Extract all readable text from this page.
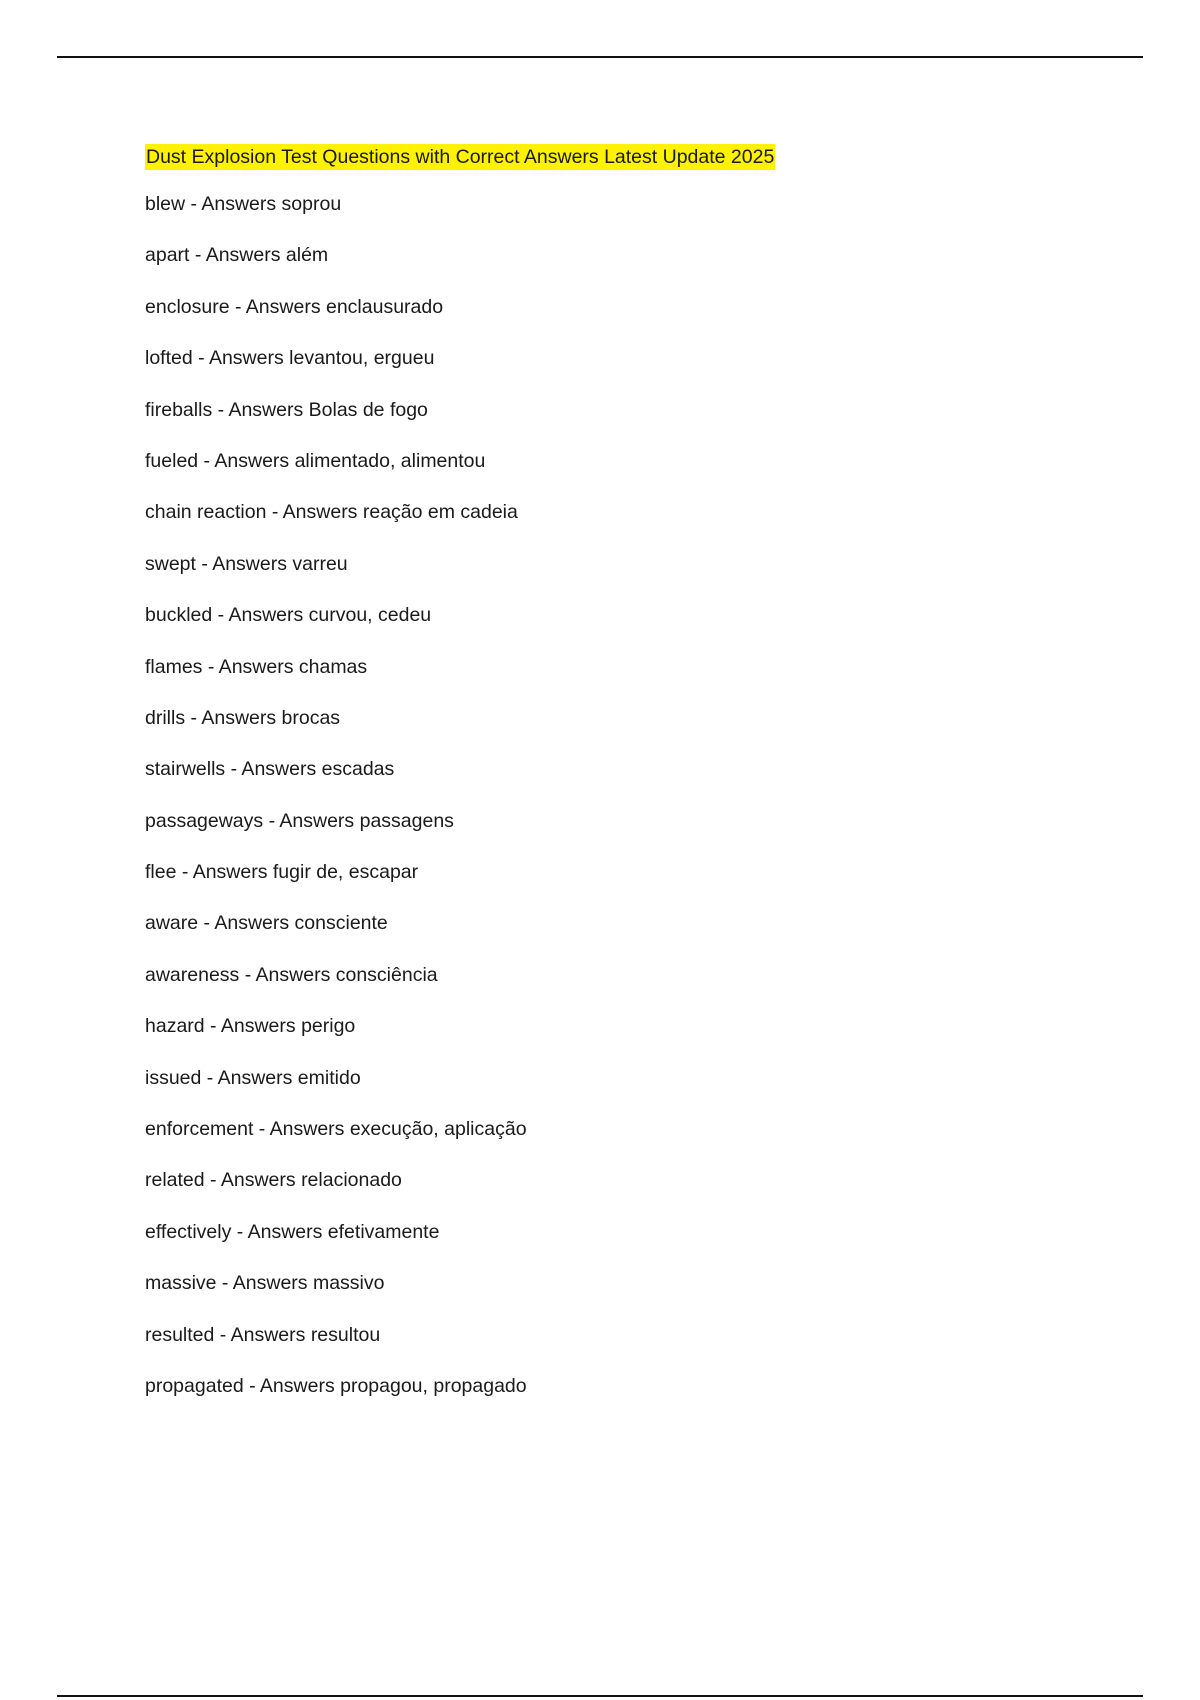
Dust Explosion Test Questions with Correct Answers Latest Update 2025
blew - Answers soprou
apart - Answers além
enclosure - Answers enclausurado
lofted - Answers levantou, ergueu
fireballs - Answers Bolas de fogo
fueled - Answers alimentado, alimentou
chain reaction - Answers reação em cadeia
swept - Answers varreu
buckled - Answers curvou, cedeu
flames - Answers chamas
drills - Answers brocas
stairwells - Answers escadas
passageways - Answers passagens
flee - Answers fugir de, escapar
aware - Answers consciente
awareness - Answers consciência
hazard - Answers perigo
issued - Answers emitido
enforcement - Answers execução, aplicação
related - Answers relacionado
effectively - Answers efetivamente
massive - Answers massivo
resulted - Answers resultou
propagated - Answers propagou, propagado
